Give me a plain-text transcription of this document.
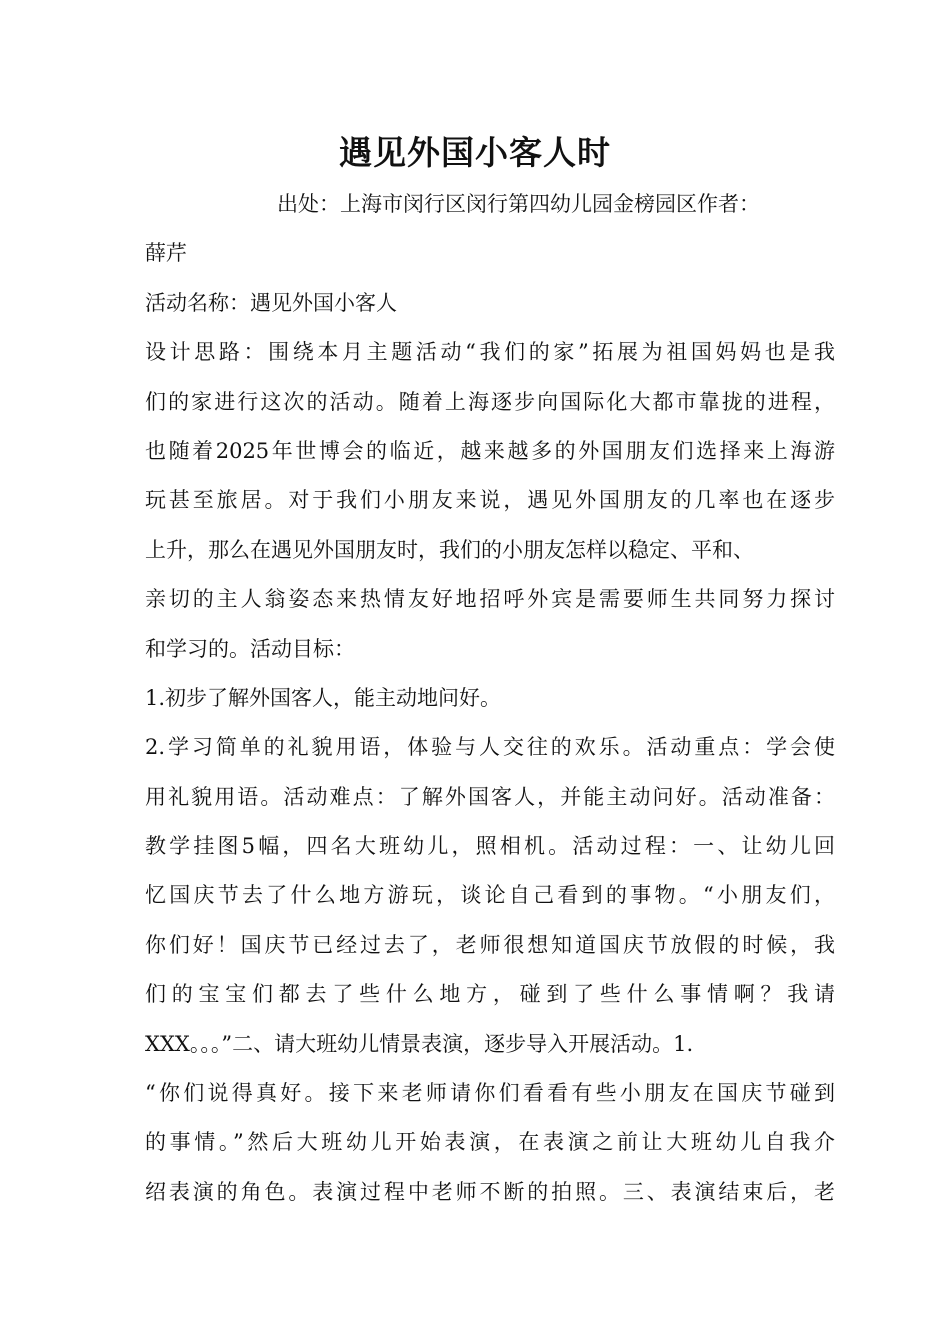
遇见外国小客人时
出处：上海市闵行区闵行第四幼儿园金榜园区作者：
薛芹
活动名称：遇见外国小客人
设计思路：围绕本月主题活动“我们的家”拓展为祖国妈妈也是我
们的家进行这次的活动。随着上海逐步向国际化大都市靠拢的进程，
也随着2025年世博会的临近，越来越多的外国朋友们选择来上海游
玩甚至旅居。对于我们小朋友来说，遇见外国朋友的几率也在逐步
上升，那么在遇见外国朋友时，我们的小朋友怎样以稳定、平和、
亲切的主人翁姿态来热情友好地招呼外宾是需要师生共同努力探讨
和学习的。活动目标：
1.初步了解外国客人，能主动地问好。
2.学习简单的礼貌用语，体验与人交往的欢乐。活动重点：学会使
用礼貌用语。活动难点：了解外国客人，并能主动问好。活动准备：
教学挂图5幅，四名大班幼儿，照相机。活动过程：一、让幼儿回
忆国庆节去了什么地方游玩，谈论自己看到的事物。“小朋友们，
你们好！国庆节已经过去了，老师很想知道国庆节放假的时候，我
们的宝宝们都去了些什么地方，碰到了些什么事情啊？我请
XXX。。。”二、请大班幼儿情景表演，逐步导入开展活动。1.
“你们说得真好。接下来老师请你们看看有些小朋友在国庆节碰到
的事情。”然后大班幼儿开始表演，在表演之前让大班幼儿自我介
绍表演的角色。表演过程中老师不断的拍照。三、表演结束后，老
